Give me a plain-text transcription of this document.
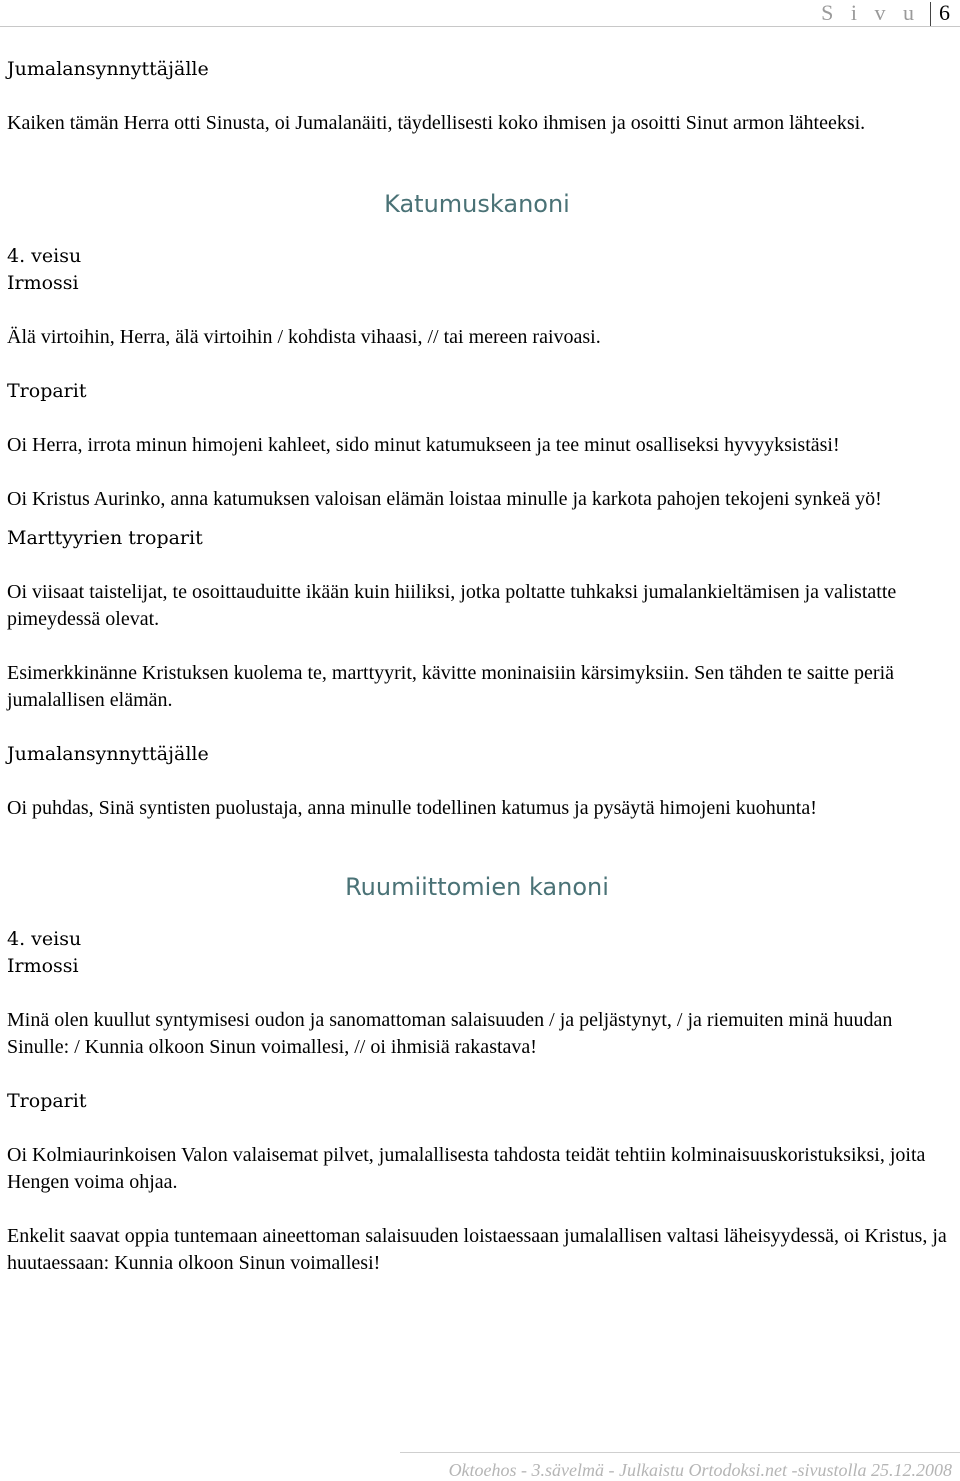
S i v u 6

Jumalansynnyttäjälle

Kaiken tämän Herra otti Sinusta, oi Jumalanäiti, täydellisesti koko ihmisen ja osoitti Sinut armon lähteeksi.

Katumuskanoni

4. veisu

Irmossi

Älä virtoihin, Herra, älä virtoihin / kohdista vihaasi, // tai mereen raivoasi.

Troparit

Oi Herra, irrota minun himojeni kahleet, sido minut katumukseen ja tee minut osalliseksi hyvyyksistäsi!

Oi Kristus Aurinko, anna katumuksen valoisan elämän loistaa minulle ja karkota pahojen tekojeni synkeä yö!

Marttyyrien troparit

Oi viisaat taistelijat, te osoittauduitte ikään kuin hiiliksi, jotka poltatte tuhkaksi jumalankieltämisen ja valistatte pimeydessä olevat.

Esimerkkinänne Kristuksen kuolema te, marttyyrit, kävitte moninaisiin kärsimyksiin. Sen tähden te saitte periä jumalallisen elämän.

Jumalansynnyttäjälle

Oi puhdas, Sinä syntisten puolustaja, anna minulle todellinen katumus ja pysäytä himojeni kuohunta!

Ruumiittomien kanoni

4. veisu

Irmossi

Minä olen kuullut syntymisesi oudon ja sanomattoman salaisuuden / ja peljästynyt, / ja riemuiten minä huudan Sinulle: / Kunnia olkoon Sinun voimallesi, // oi ihmisiä rakastava!

Troparit

Oi Kolmiaurinkoisen Valon valaisemat pilvet, jumalallisesta tahdosta teidät tehtiin kolminaisuuskoristuksiksi, joita Hengen voima ohjaa.

Enkelit saavat oppia tuntemaan aineettoman salaisuuden loistaessaan jumalallisen valtasi läheisyydessä, oi Kristus, ja huutaessaan: Kunnia olkoon Sinun voimallesi!

Oktoehos - 3.sävelmä - Julkaistu Ortodoksi.net -sivustolla 25.12.2008
